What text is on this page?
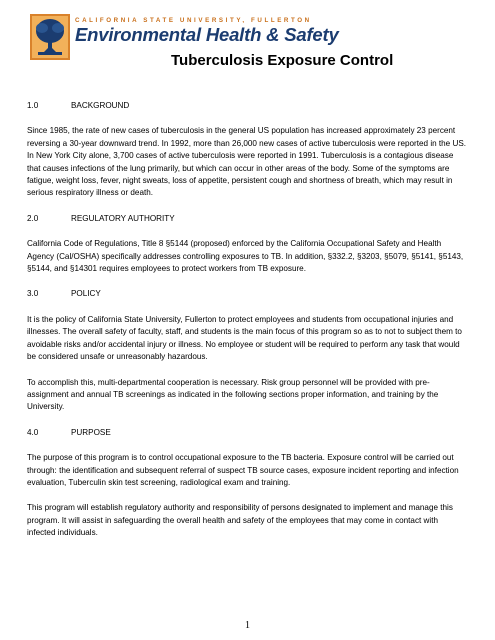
CALIFORNIA STATE UNIVERSITY, FULLERTON
Environmental Health & Safety
Tuberculosis Exposure Control
1.0	BACKGROUND

Since 1985, the rate of new cases of tuberculosis in the general US population has increased approximately 23 percent reversing a 30-year downward trend. In 1992, more than 26,000 new cases of active tuberculosis were reported in the US. In New York City alone, 3,700 cases of active tuberculosis were reported in 1991. Tuberculosis is a contagious disease that causes infections of the lung primarily, but which can occur in other areas of the body. Some of the symptoms are fatigue, weight loss, fever, night sweats, loss of appetite, persistent cough and shortness of breath, which may result in serious respiratory illness or death.

2.0	REGULATORY AUTHORITY

California Code of Regulations, Title 8 §5144 (proposed) enforced by the California Occupational Safety and Health Agency (Cal/OSHA) specifically addresses controlling exposures to TB. In addition, §332.2, §3203, §5079, §5141, §5143, §5144, and §14301 requires employees to protect workers from TB exposure.

3.0	POLICY

It is the policy of California State University, Fullerton to protect employees and students from occupational injuries and illnesses. The overall safety of faculty, staff, and students is the main focus of this program so as to not to subject them to avoidable risks and/or accidental injury or illness. No employee or student will be required to perform any task that would be considered unsafe or unreasonably hazardous.

To accomplish this, multi-departmental cooperation is necessary. Risk group personnel will be provided with pre-assignment and annual TB screenings as indicated in the following sections proper information, and training by the University.

4.0	PURPOSE

The purpose of this program is to control occupational exposure to the TB bacteria. Exposure control will be carried out through: the identification and subsequent referral of suspect TB source cases, exposure incident reporting and infection evaluation, Tuberculin skin test screening, radiological exam and training.

This program will establish regulatory authority and responsibility of persons designated to implement and manage this program. It will assist in safeguarding the overall health and safety of the employees that may come in contact with infected individuals.

1
